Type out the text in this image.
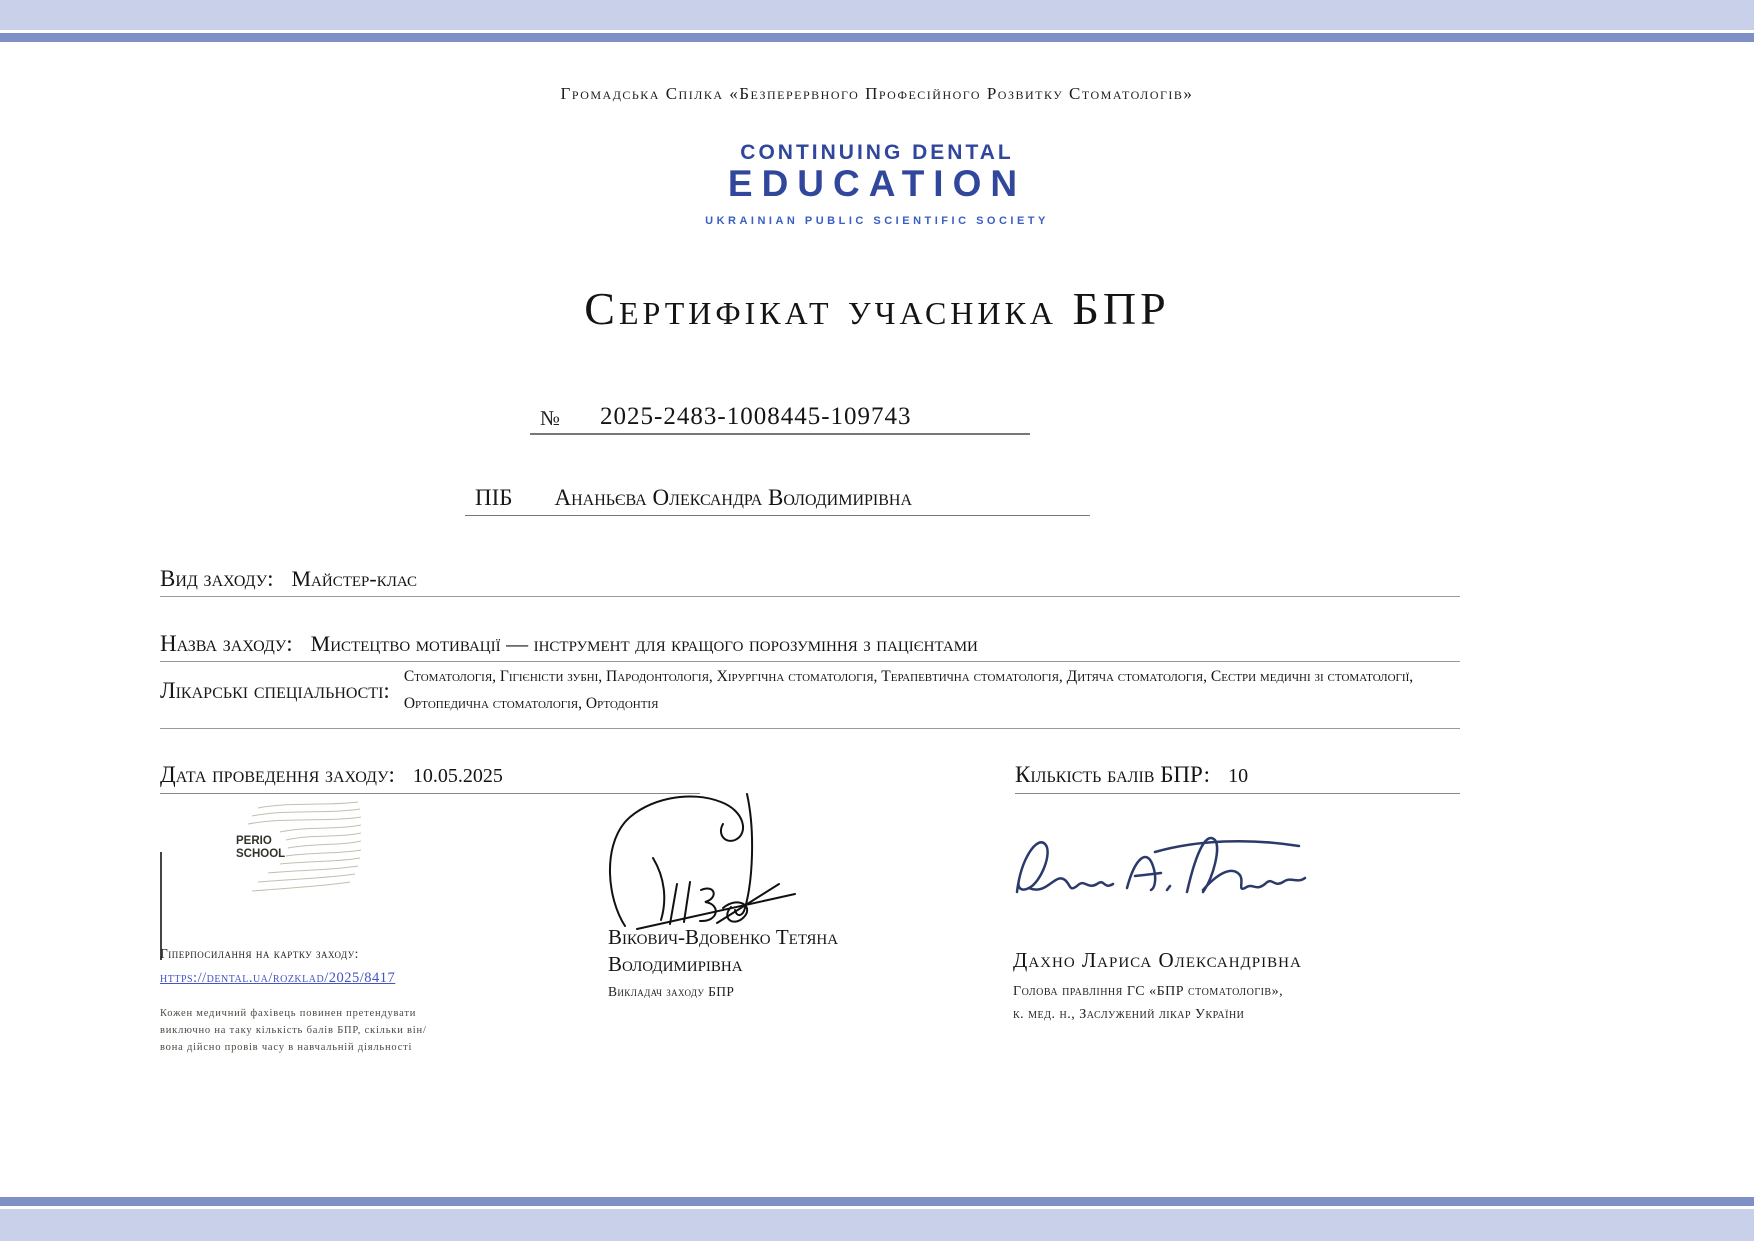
Громадська Спілка «Безперервного Професійного Розвитку Стоматологів»
CONTINUING DENTAL
EDUCATION
UKRAINIAN PUBLIC SCIENTIFIC SOCIETY
Сертифікат учасника БПР
№ 2025-2483-1008445-109743
ПІБ Ананьєва Олександра Володимирівна
Вид заходу: Майстер-клас
Назва заходу: Мистецтво мотивації — інструмент для кращого порозуміння з пацієнтами
Лікарські спеціальності:
Стоматологія, Гігієністи зубні, Пародонтологія, Хірургічна стоматологія, Терапевтична стоматологія, Дитяча стоматологія, Сестри медичні зі стоматології, Ортопедична стоматологія, Ортодонтія
Дата проведення заходу: 10.05.2025	Кількість балів БПР: 10
PERIO
SCHOOL
Гіперпосилання на картку заходу:
https://dental.ua/rozklad/2025/8417
Кожен медичний фахівець повинен претендувати виключно на таку кількість балів БПР, скільки він/вона дійсно провів часу в навчальній діяльності
Вікович-Вдовенко Тетяна
Володимирівна
Викладач заходу БПР
Дахно Лариса Олександрівна
Голова правління ГС «БПР стоматологів»,
к. мед. н., Заслужений лікар України
